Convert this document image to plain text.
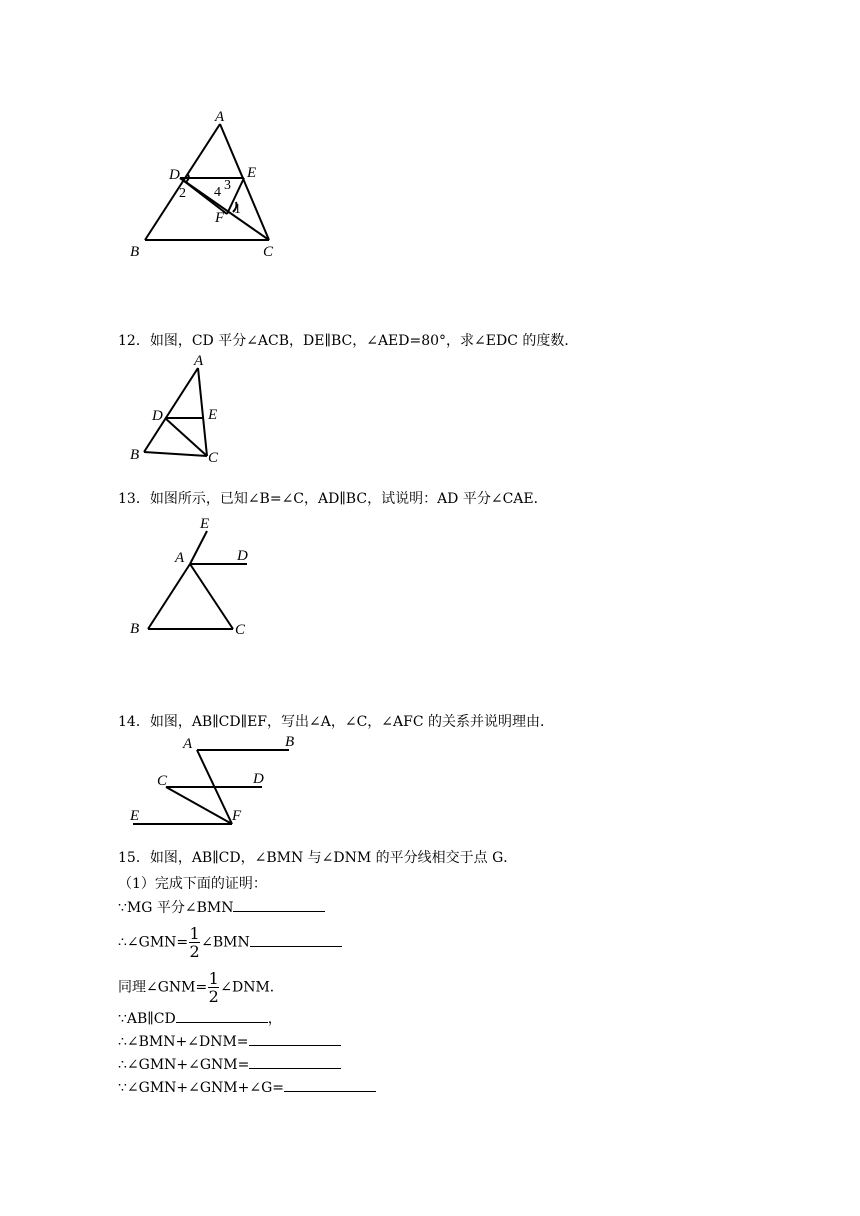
A
D	E
F
B	C
2 4 3
1
12．如图，CD 平分∠ACB，DE∥BC，∠AED=80°，求∠EDC 的度数．
A
D	E
B	C
13．如图所示，已知∠B=∠C，AD∥BC，试说明：AD 平分∠CAE．
E
A	D
B	C
14．如图，AB∥CD∥EF，写出∠A，∠C，∠AFC 的关系并说明理由．
A	B
C	D
E	F
15．如图，AB∥CD，∠BMN 与∠DNM 的平分线相交于点 G．
（1）完成下面的证明：
∵MG 平分∠BMN
∴∠GMN= $\frac{1}{2}$ ∠BMN
同理∠GNM= $\frac{1}{2}$ ∠DNM．
∵AB∥CD	，
∴∠BMN+∠DNM=
∴∠GMN+∠GNM=
∵∠GMN+∠GNM+∠G=
